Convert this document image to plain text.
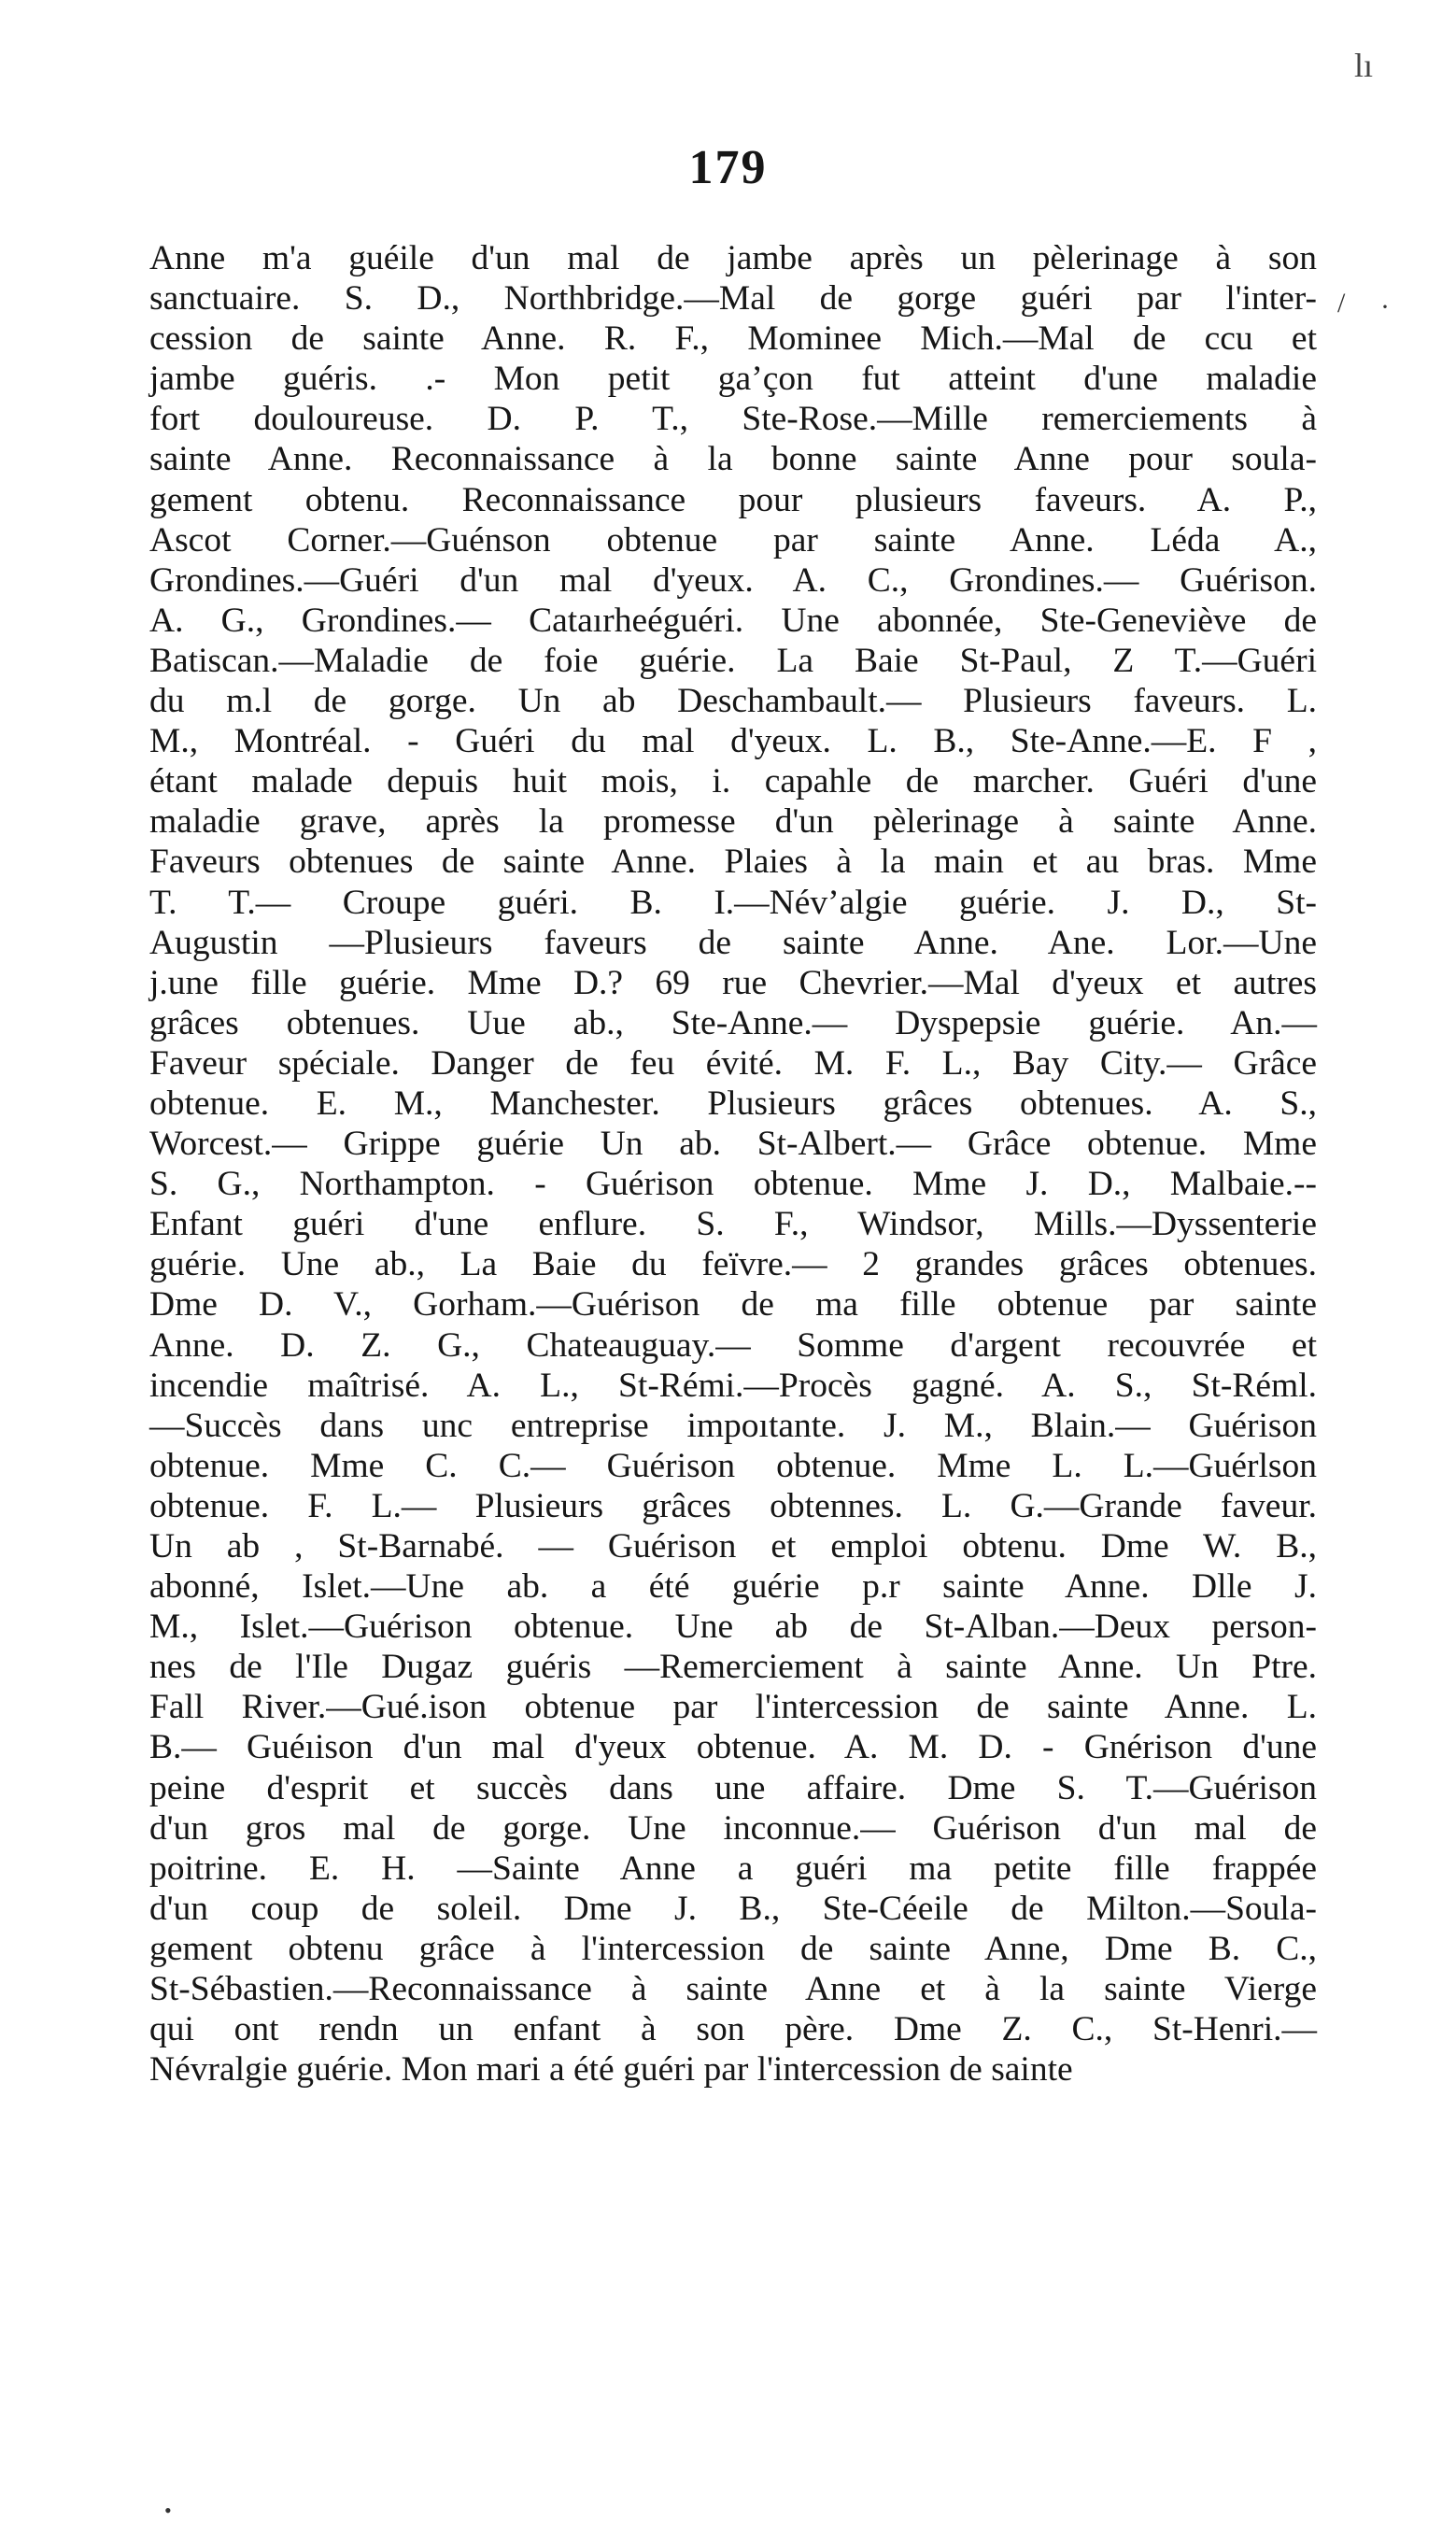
lı
179
/ ·
•
Anne m'a guéile d'un mal de jambe après un pèlerinage à son
sanctuaire. S. D., Northbridge.—Mal de gorge guéri par l'inter-
cession de sainte Anne. R. F., Mominee Mich.—Mal de ccu et
jambe guéris. .- Mon petit ga’çon fut atteint d'une maladie
fort douloureuse. D. P. T., Ste-Rose.—Mille remerciements à
sainte Anne. Reconnaissance à la bonne sainte Anne pour soula-
gement obtenu. Reconnaissance pour plusieurs faveurs. A. P.,
Ascot Corner.—Guénson obtenue par sainte Anne. Léda A.,
Grondines.—Guéri d'un mal d'yeux. A. C., Grondines.— Guérison.
A. G., Grondines.— Cataırheéguéri. Une abonnée, Ste-Geneviève de
Batiscan.—Maladie de foie guérie. La Baie St-Paul, Z T.—Guéri
du m.l de gorge. Un ab Deschambault.— Plusieurs faveurs. L.
M., Montréal. - Guéri du mal d'yeux. L. B., Ste-Anne.—E. F ,
étant malade depuis huit mois, i. capahle de marcher. Guéri d'une
maladie grave, après la promesse d'un pèlerinage à sainte Anne.
Faveurs obtenues de sainte Anne. Plaies à la main et au bras. Mme
T. T.— Croupe guéri. B. I.—Név’algie guérie. J. D., St-
Augustin —Plusieurs faveurs de sainte Anne. Ane. Lor.—Une
j.une fille guérie. Mme D.? 69 rue Chevrier.—Mal d'yeux et autres
grâces obtenues. Uue ab., Ste-Anne.— Dyspepsie guérie. An.—
Faveur spéciale. Danger de feu évité. M. F. L., Bay City.— Grâce
obtenue. E. M., Manchester. Plusieurs grâces obtenues. A. S.,
Worcest.— Grippe guérie Un ab. St-Albert.— Grâce obtenue. Mme
S. G., Northampton. - Guérison obtenue. Mme J. D., Malbaie.--
Enfant guéri d'une enflure. S. F., Windsor, Mills.—Dyssenterie
guérie. Une ab., La Baie du feïvre.— 2 grandes grâces obtenues.
Dme D. V., Gorham.—Guérison de ma fille obtenue par sainte
Anne. D. Z. G., Chateauguay.— Somme d'argent recouvrée et
incendie maîtrisé. A. L., St-Rémi.—Procès gagné. A. S., St-Réml.
—Succès dans unc entreprise impoıtante. J. M., Blain.— Guérison
obtenue. Mme C. C.— Guérison obtenue. Mme L. L.—Guérlson
obtenue. F. L.— Plusieurs grâces obtennes. L. G.—Grande faveur.
Un ab , St-Barnabé. — Guérison et emploi obtenu. Dme W. B.,
abonné, Islet.—Une ab. a été guérie p.r sainte Anne. Dlle J.
M., Islet.—Guérison obtenue. Une ab de St-Alban.—Deux person-
nes de l'Ile Dugaz guéris —Remerciement à sainte Anne. Un Ptre.
Fall River.—Gué.ison obtenue par l'intercession de sainte Anne. L.
B.— Guéıison d'un mal d'yeux obtenue. A. M. D. - Gnérison d'une
peine d'esprit et succès dans une affaire. Dme S. T.—Guérison
d'un gros mal de gorge. Une inconnue.— Guérison d'un mal de
poitrine. E. H. —Sainte Anne a guéri ma petite fille frappée
d'un coup de soleil. Dme J. B., Ste-Céeile de Milton.—Soula-
gement obtenu grâce à l'intercession de sainte Anne, Dme B. C.,
St-Sébastien.—Reconnaissance à sainte Anne et à la sainte Vierge
qui ont rendn un enfant à son père. Dme Z. C., St-Henri.—
Névralgie guérie. Mon mari a été guéri par l'intercession de sainte
